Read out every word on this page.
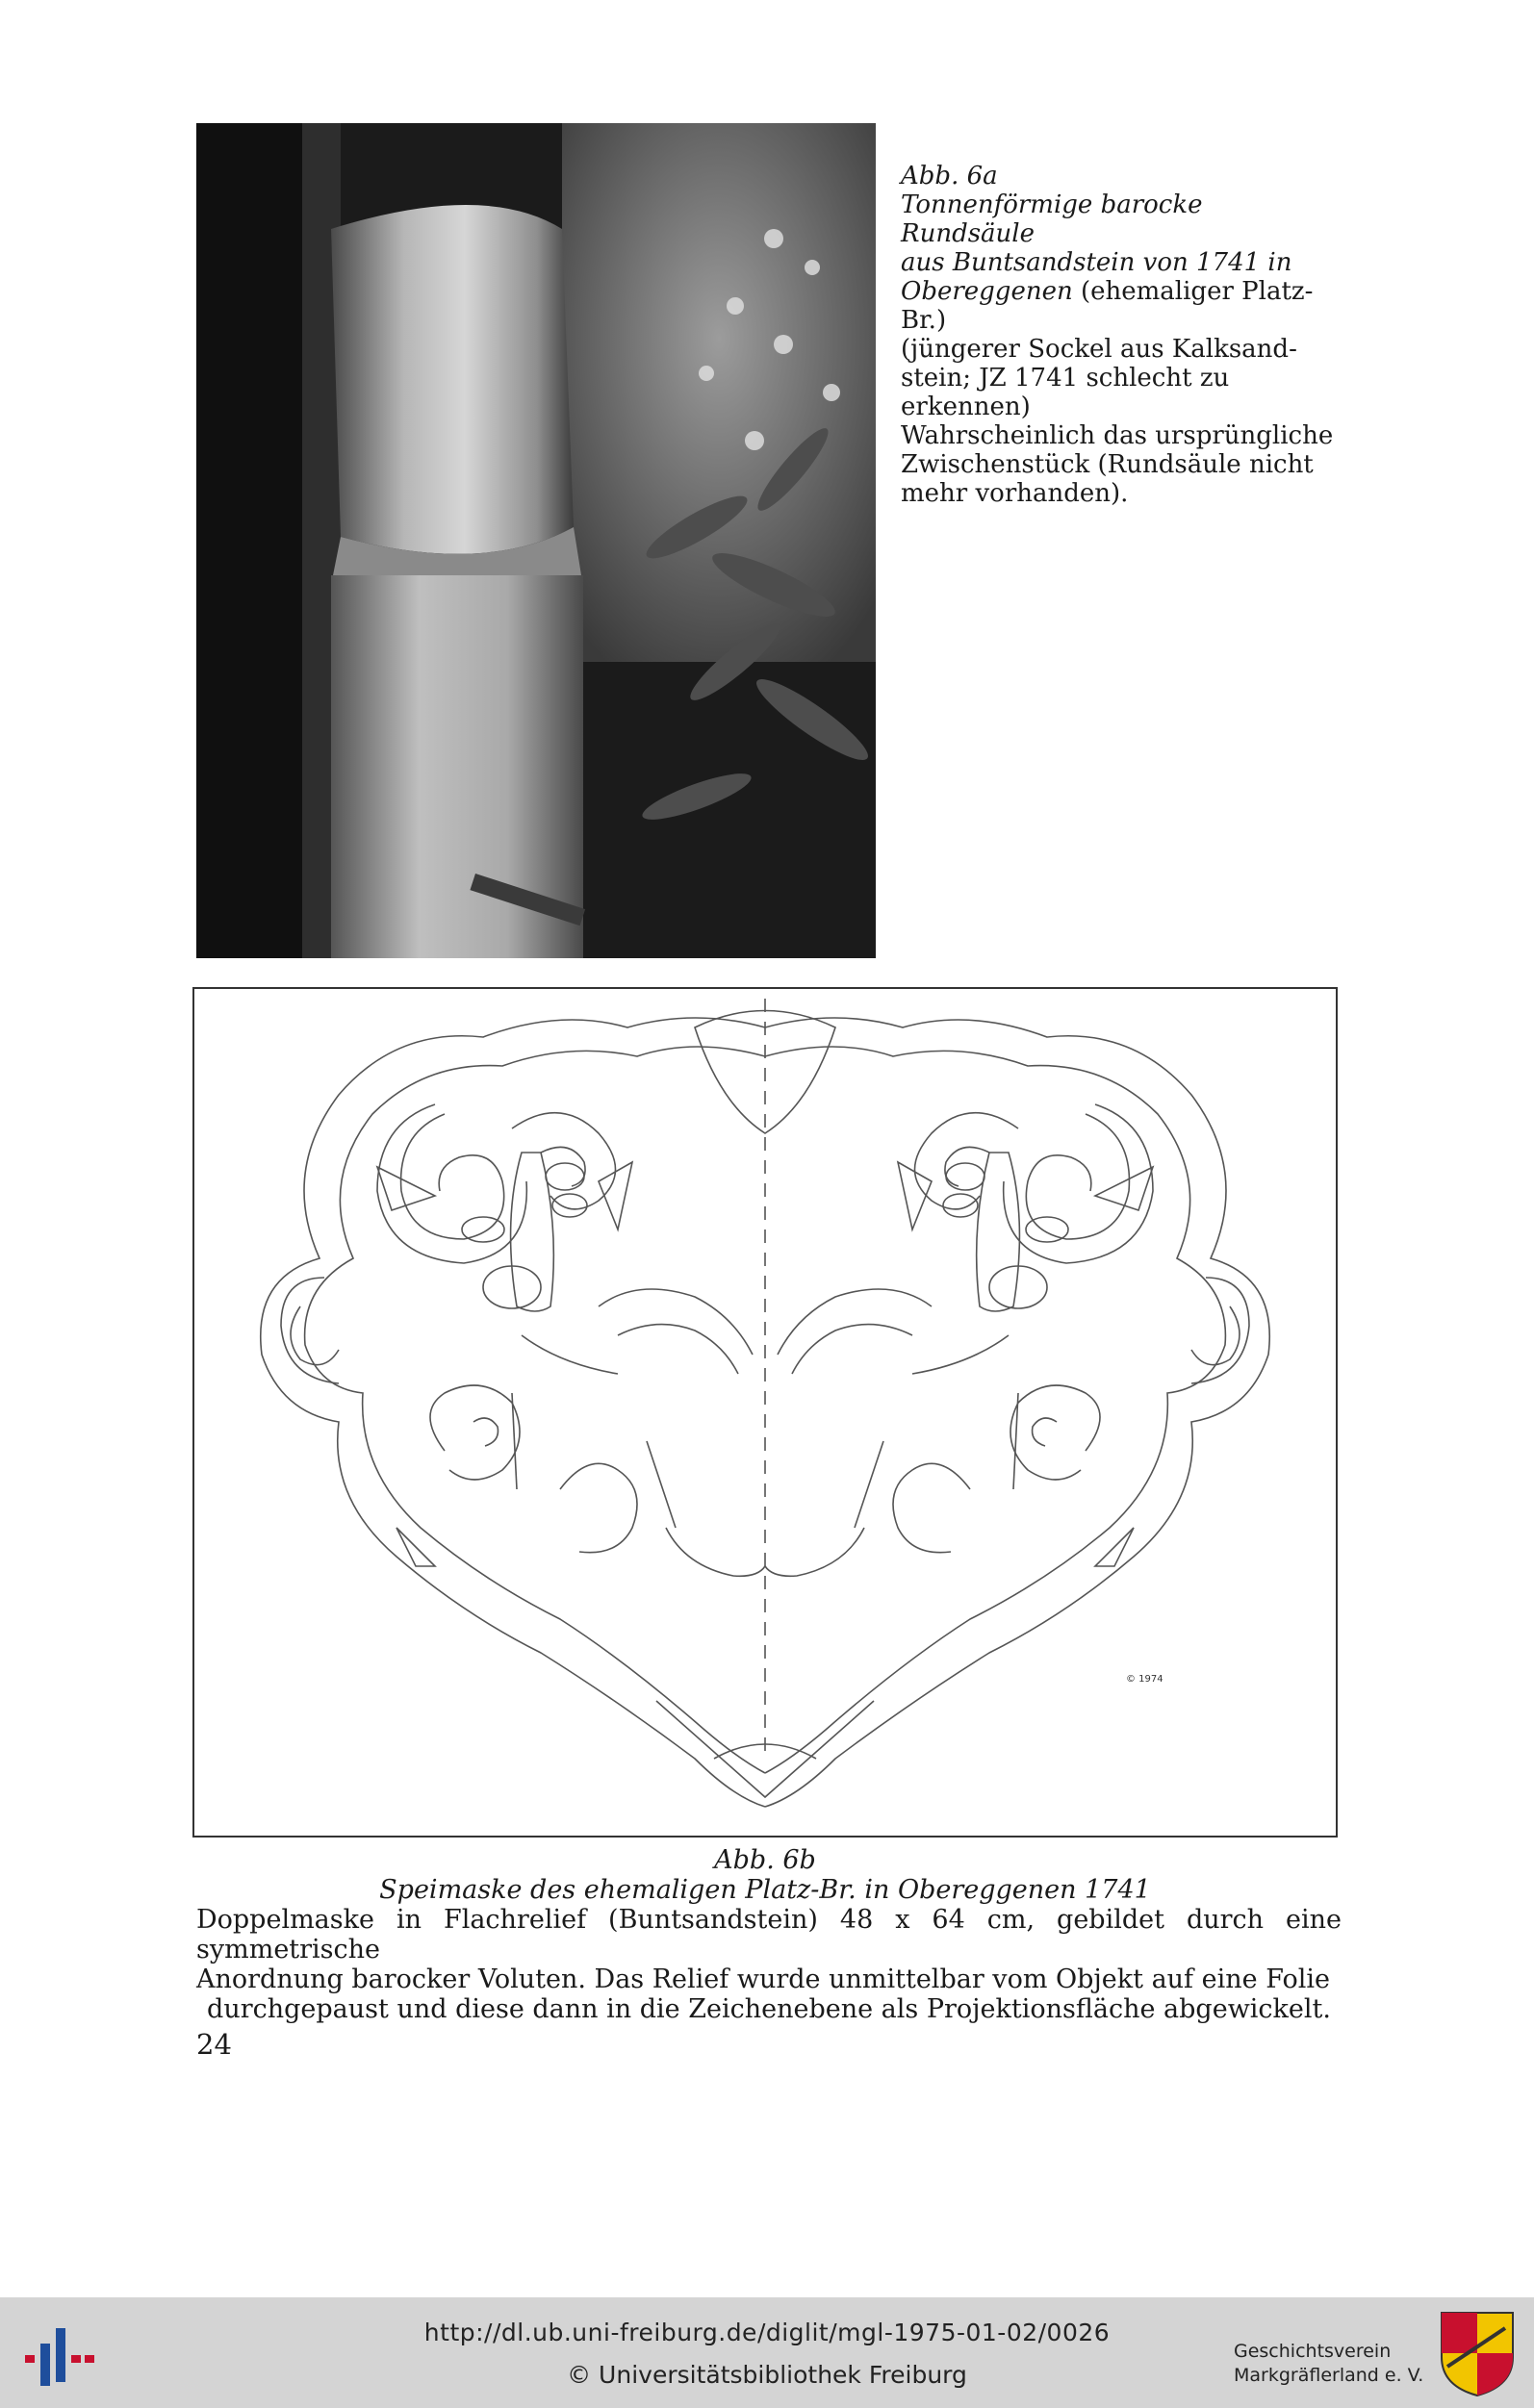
Abb. 6a
Tonnenförmige barocke Rundsäule
aus Buntsandstein von 1741 in
Obereggenen (ehemaliger Platz-Br.)
(jüngerer Sockel aus Kalksand-
stein; JZ 1741 schlecht zu erkennen)
Wahrscheinlich das ursprüngliche
Zwischenstück (Rundsäule nicht
mehr vorhanden).
© 1974
Abb. 6b
Speimaske des ehemaligen Platz-Br. in Obereggenen 1741
Doppelmaske in Flachrelief (Buntsandstein) 48 x 64 cm, gebildet durch eine symmetrische
Anordnung barocker Voluten. Das Relief wurde unmittelbar vom Objekt auf eine Folie
durchgepaust und diese dann in die Zeichenebene als Projektionsfläche abgewickelt.
24
http://dl.ub.uni-freiburg.de/diglit/mgl-1975-01-02/0026
© Universitätsbibliothek Freiburg
Geschichtsverein
Markgräflerland e. V.
